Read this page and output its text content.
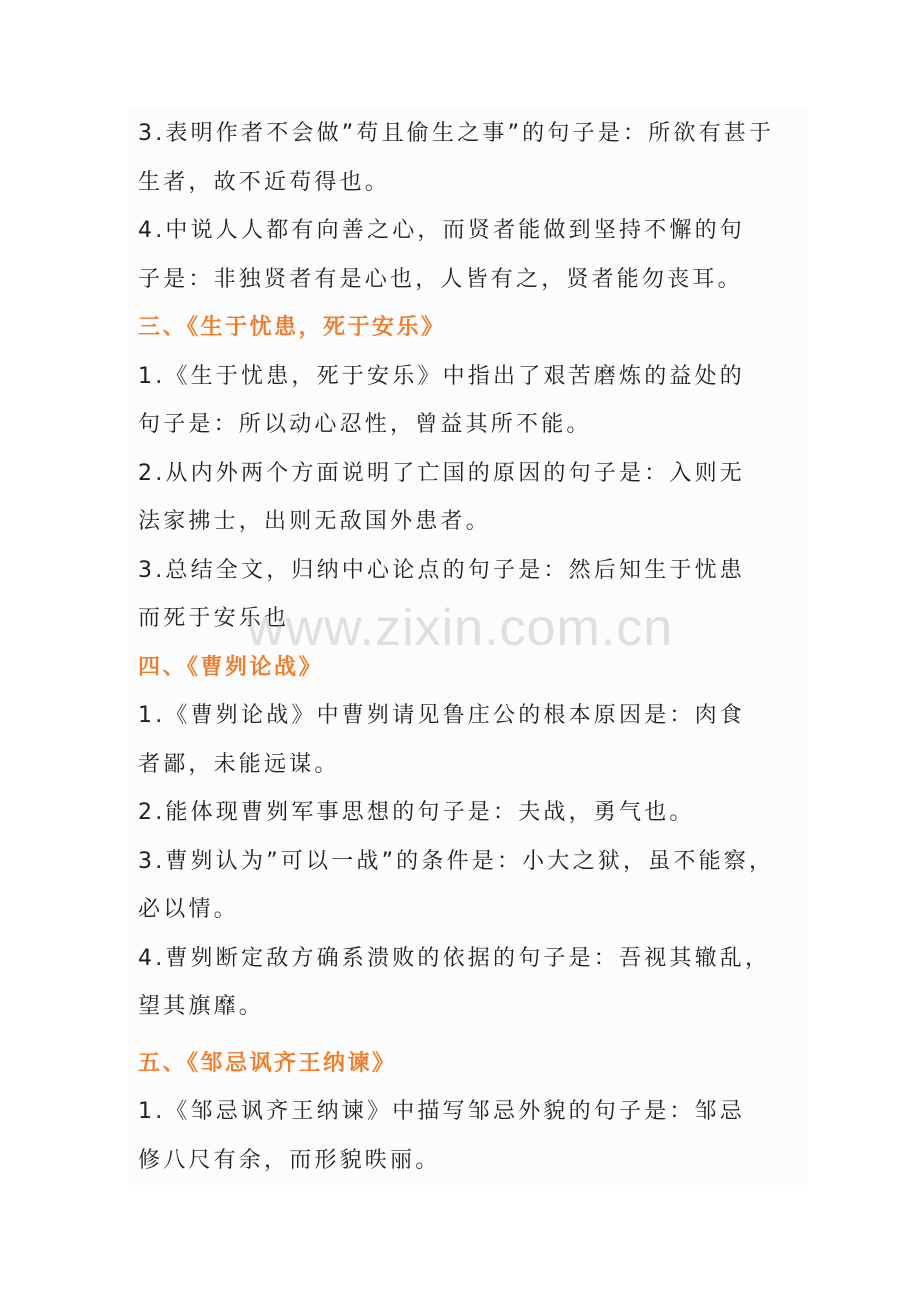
3.表明作者不会做”苟且偷生之事”的句子是：所欲有甚于
生者，故不近苟得也。
4.中说人人都有向善之心，而贤者能做到坚持不懈的句
子是：非独贤者有是心也，人皆有之，贤者能勿丧耳。
三、《生于忧患，死于安乐》
1.《生于忧患，死于安乐》中指出了艰苦磨炼的益处的
句子是：所以动心忍性，曾益其所不能。
2.从内外两个方面说明了亡国的原因的句子是：入则无
法家拂士，出则无敌国外患者。
3.总结全文，归纳中心论点的句子是：然后知生于忧患
而死于安乐也
四、《曹刿论战》
1.《曹刿论战》中曹刿请见鲁庄公的根本原因是：肉食
者鄙，未能远谋。
2.能体现曹刿军事思想的句子是：夫战，勇气也。
3.曹刿认为”可以一战”的条件是：小大之狱，虽不能察，
必以情。
4.曹刿断定敌方确系溃败的依据的句子是：吾视其辙乱，
望其旗靡。
五、《邹忌讽齐王纳谏》
1.《邹忌讽齐王纳谏》中描写邹忌外貌的句子是：邹忌
修八尺有余，而形貌昳丽。
www.zixin.com.cn
